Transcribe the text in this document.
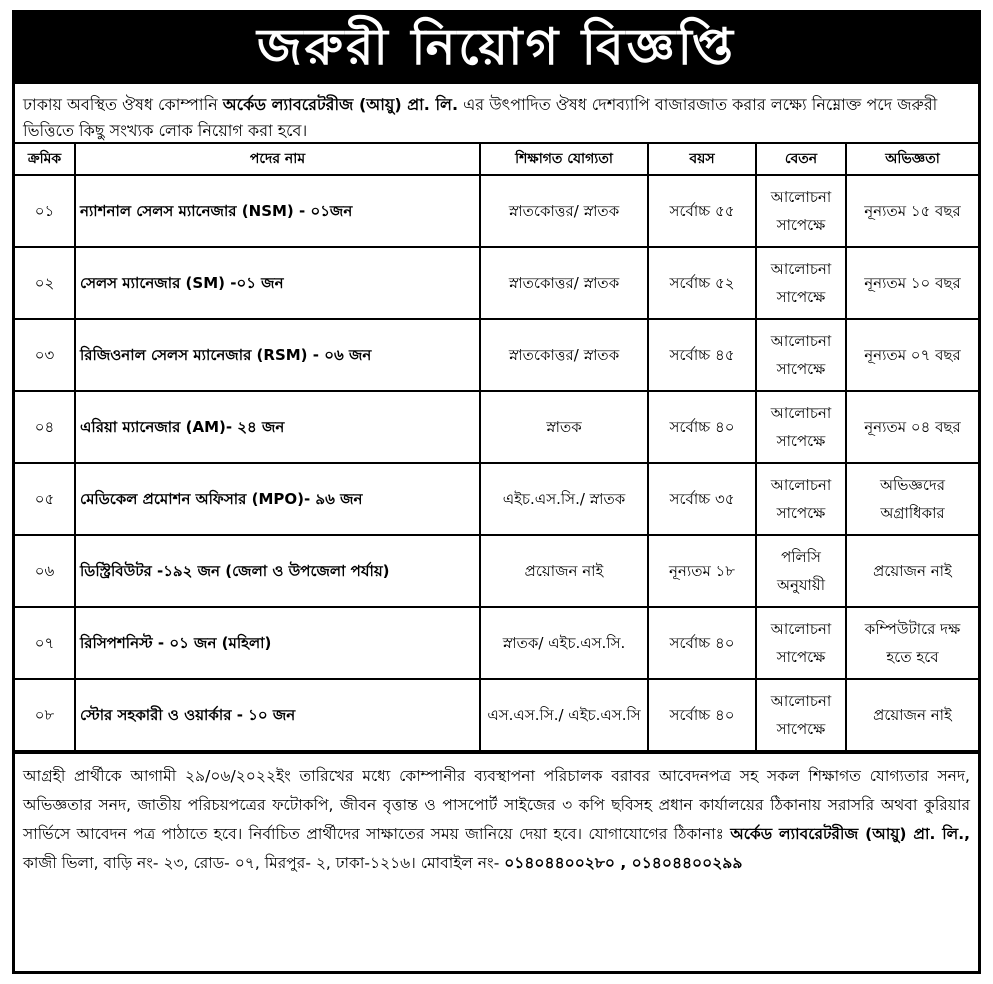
জরুরী নিয়োগ বিজ্ঞপ্তি
ঢাকায় অবস্থিত ঔষধ কোম্পানি অর্কেড ল্যাবরেটরীজ (আয়ু) প্রা. লি. এর উৎপাদিত ঔষধ দেশব্যাপি বাজারজাত করার লক্ষ্যে নিম্নোক্ত পদে জরুরী ভিত্তিতে কিছু সংখ্যক লোক নিয়োগ করা হবে।
ক্রমিক	পদের নাম	শিক্ষাগত যোগ্যতা	বয়স	বেতন	অভিজ্ঞতা
০১	ন্যাশনাল সেলস ম্যানেজার (NSM) - ০১জন	স্নাতকোত্তর/ স্নাতক	সর্বোচ্চ ৫৫	আলোচনা সাপেক্ষে	নূন্যতম ১৫ বছর
০২	সেলস ম্যানেজার (SM) -০১ জন	স্নাতকোত্তর/ স্নাতক	সর্বোচ্চ ৫২	আলোচনা সাপেক্ষে	নূন্যতম ১০ বছর
০৩	রিজিওনাল সেলস ম্যানেজার (RSM) - ০৬ জন	স্নাতকোত্তর/ স্নাতক	সর্বোচ্চ ৪৫	আলোচনা সাপেক্ষে	নূন্যতম ০৭ বছর
০৪	এরিয়া ম্যানেজার (AM)- ২৪ জন	স্নাতক	সর্বোচ্চ ৪০	আলোচনা সাপেক্ষে	নূন্যতম ০৪ বছর
০৫	মেডিকেল প্রমোশন অফিসার (MPO)- ৯৬ জন	এইচ.এস.সি./ স্নাতক	সর্বোচ্চ ৩৫	আলোচনা সাপেক্ষে	অভিজ্ঞদের অগ্রাধিকার
০৬	ডিস্ট্রিবিউটর -১৯২ জন (জেলা ও উপজেলা পর্যায়)	প্রয়োজন নাই	নূন্যতম ১৮	পলিসি অনুযায়ী	প্রয়োজন নাই
০৭	রিসিপশনিস্ট - ০১ জন (মহিলা)	স্নাতক/ এইচ.এস.সি.	সর্বোচ্চ ৪০	আলোচনা সাপেক্ষে	কম্পিউটারে দক্ষ হতে হবে
০৮	স্টোর সহকারী ও ওয়ার্কার - ১০ জন	এস.এস.সি./ এইচ.এস.সি	সর্বোচ্চ ৪০	আলোচনা সাপেক্ষে	প্রয়োজন নাই
আগ্রহী প্রার্থীকে আগামী ২৯/০৬/২০২২ইং তারিখের মধ্যে কোম্পানীর ব্যবস্থাপনা পরিচালক বরাবর আবেদনপত্র সহ সকল শিক্ষাগত যোগ্যতার সনদ, অভিজ্ঞতার সনদ, জাতীয় পরিচয়পত্রের ফটোকপি, জীবন বৃত্তান্ত ও পাসপোর্ট সাইজের ৩ কপি ছবিসহ প্রধান কার্যালয়ের ঠিকানায় সরাসরি অথবা কুরিয়ার সার্ভিসে আবেদন পত্র পাঠাতে হবে। নির্বাচিত প্রার্থীদের সাক্ষাতের সময় জানিয়ে দেয়া হবে। যোগাযোগের ঠিকানাঃ অর্কেড ল্যাবরেটরীজ (আয়ু) প্রা. লি., কাজী ভিলা, বাড়ি নং- ২৩, রোড- ০৭, মিরপুর- ২, ঢাকা-১২১৬। মোবাইল নং- ০১৪০৪৪০০২৮০ , ০১৪০৪৪০০২৯৯
